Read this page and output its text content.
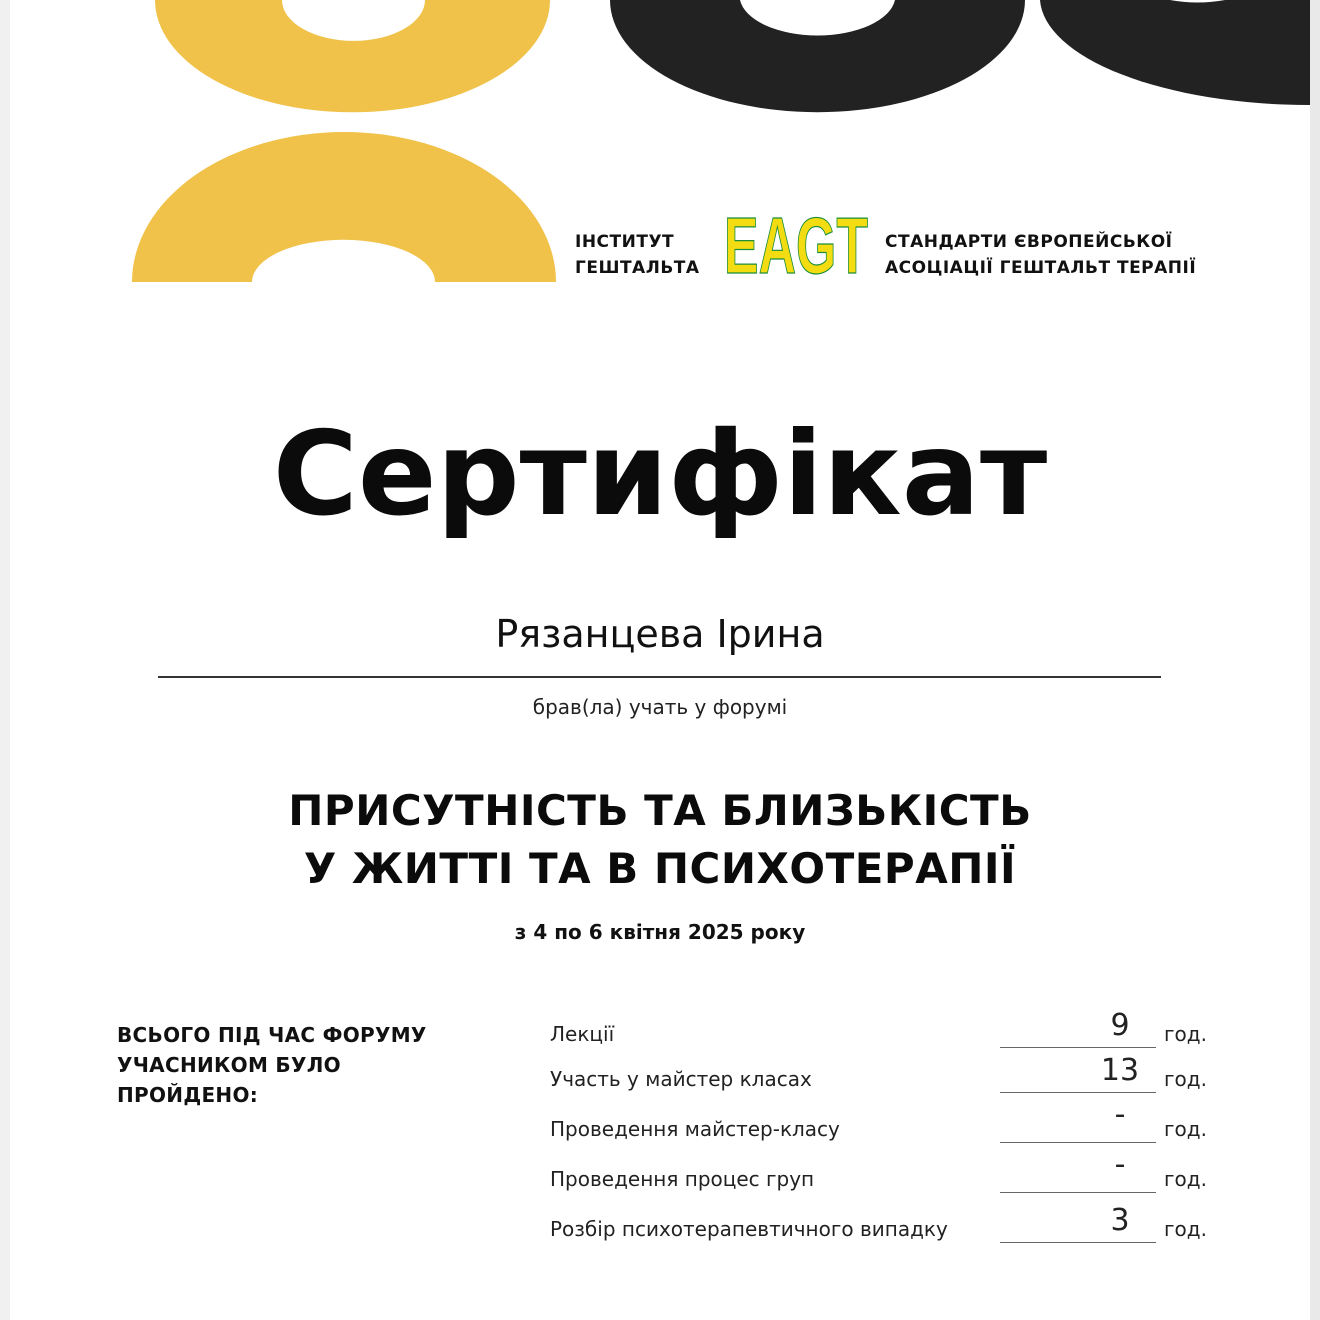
ІНСТИТУТ
ГЕШТАЛЬТА EAGT СТАНДАРТИ ЄВРОПЕЙСЬКОЇ
АСОЦІАЦІЇ ГЕШТАЛЬТ ТЕРАПІЇ
Сертифікат
Рязанцева Ірина
брав(ла) учать у форумі
ПРИСУТНІСТЬ ТА БЛИЗЬКІСТЬ
У ЖИТТІ ТА В ПСИХОТЕРАПІЇ
з 4 по 6 квітня 2025 року
ВСЬОГО ПІД ЧАС ФОРУМУ
УЧАСНИКОМ БУЛО
ПРОЙДЕНО:
Лекції	9	год.
Участь у майстер класах	13	год.
Проведення майстер-класу	-	год.
Проведення процес груп	-	год.
Розбір психотерапевтичного випадку	3	год.
